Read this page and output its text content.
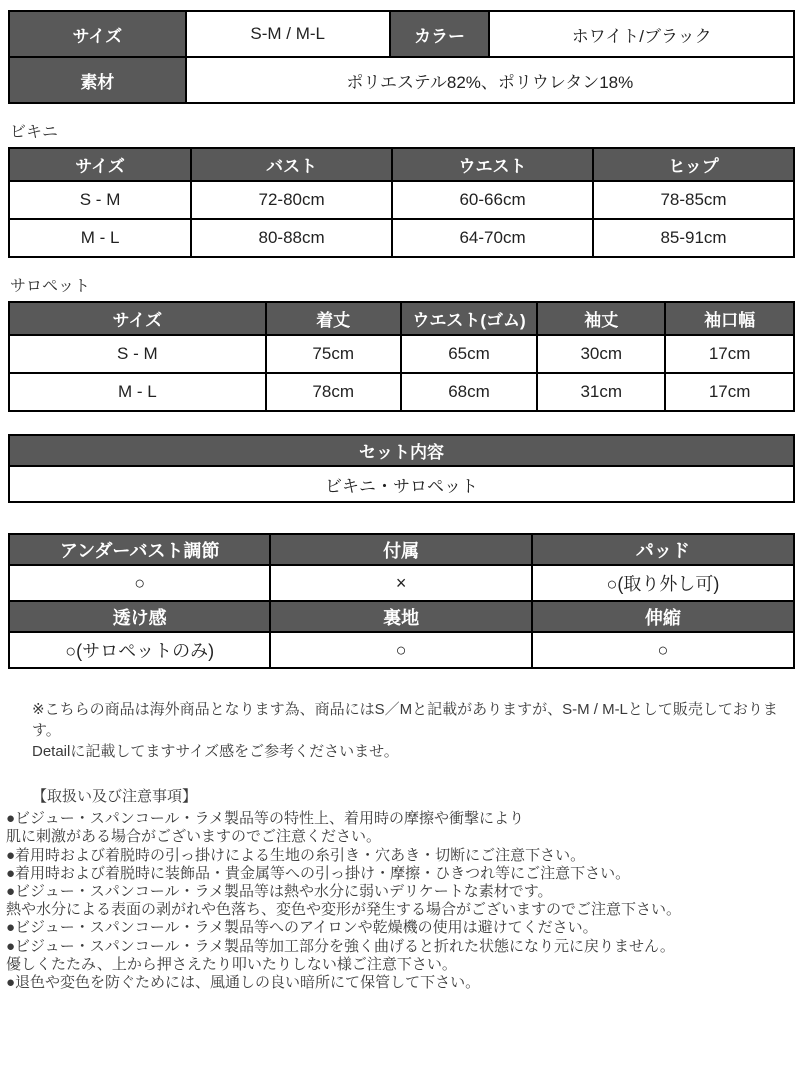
サイズ	S-M / M-L	カラー	ホワイト/ブラック
素材	ポリエステル82%、ポリウレタン18%		
ビキニ
サイズ	バスト	ウエスト	ヒップ
S - M	72-80cm	60-66cm	78-85cm
M - L	80-88cm	64-70cm	85-91cm
サロペット
サイズ	着丈	ウエスト(ゴム)	袖丈	袖口幅
S - M	75cm	65cm	30cm	17cm
M - L	78cm	68cm	31cm	17cm
セット内容
ビキニ・サロペット
アンダーバスト調節	付属	パッド
○	×	○(取り外し可)
透け感	裏地	伸縮
○(サロペットのみ)	○	○
※こちらの商品は海外商品となります為、商品にはS／Mと記載がありますが、S-M / M-Lとして販売しております。
Detailに記載してますサイズ感をご参考くださいませ。
【取扱い及び注意事項】
●ビジュー・スパンコール・ラメ製品等の特性上、着用時の摩擦や衝撃により
肌に刺激がある場合がございますのでご注意ください。
●着用時および着脱時の引っ掛けによる生地の糸引き・穴あき・切断にご注意下さい。
●着用時および着脱時に装飾品・貴金属等への引っ掛け・摩擦・ひきつれ等にご注意下さい。
●ビジュー・スパンコール・ラメ製品等は熱や水分に弱いデリケートな素材です。
熱や水分による表面の剥がれや色落ち、変色や変形が発生する場合がございますのでご注意下さい。
●ビジュー・スパンコール・ラメ製品等へのアイロンや乾燥機の使用は避けてください。
●ビジュー・スパンコール・ラメ製品等加工部分を強く曲げると折れた状態になり元に戻りません。
優しくたたみ、上から押さえたり叩いたりしない様ご注意下さい。
●退色や変色を防ぐためには、風通しの良い暗所にて保管して下さい。
